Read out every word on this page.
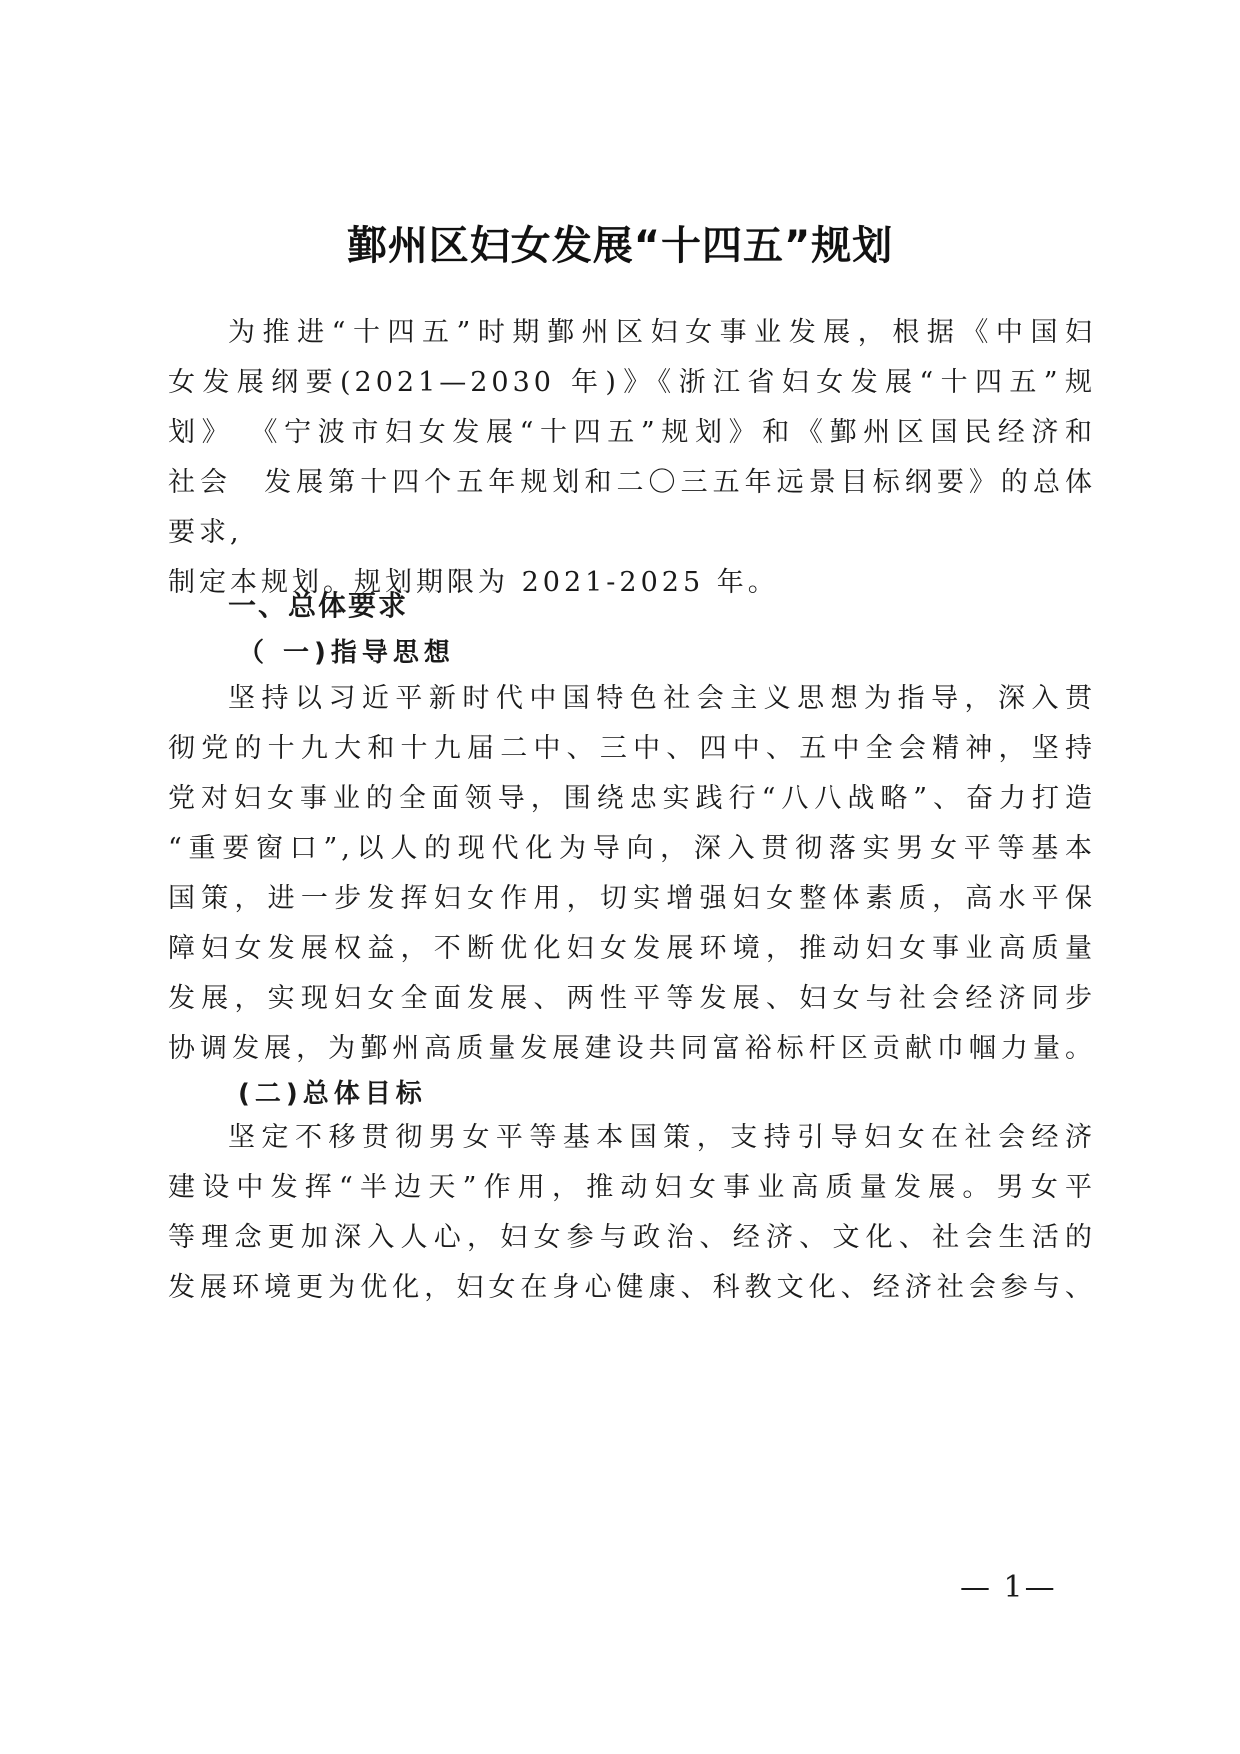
鄞州区妇女发展“十四五”规划
为推进“十四五”时期鄞州区妇女事业发展，根据《中国妇
女发展纲要(2021—2030 年)》《浙江省妇女发展“十四五”规
划》 《宁波市妇女发展“十四五”规划》和《鄞州区国民经济和
社会　发展第十四个五年规划和二〇三五年远景目标纲要》的总体
要求,
制定本规划。规划期限为 2021-2025 年。
一、总体要求
（ 一)指导思想
坚持以习近平新时代中国特色社会主义思想为指导，深入贯
彻党的十九大和十九届二中、三中、四中、五中全会精神，坚持
党对妇女事业的全面领导，围绕忠实践行“八八战略”、奋力打造
“重要窗口”,以人的现代化为导向，深入贯彻落实男女平等基本
国策，进一步发挥妇女作用，切实增强妇女整体素质，高水平保
障妇女发展权益，不断优化妇女发展环境，推动妇女事业高质量
发展，实现妇女全面发展、两性平等发展、妇女与社会经济同步
协调发展，为鄞州高质量发展建设共同富裕标杆区贡献巾帼力量。
(二)总体目标
坚定不移贯彻男女平等基本国策，支持引导妇女在社会经济
建设中发挥“半边天”作用，推动妇女事业高质量发展。男女平
等理念更加深入人心，妇女参与政治、经济、文化、社会生活的
发展环境更为优化，妇女在身心健康、科教文化、经济社会参与、
— 1—
